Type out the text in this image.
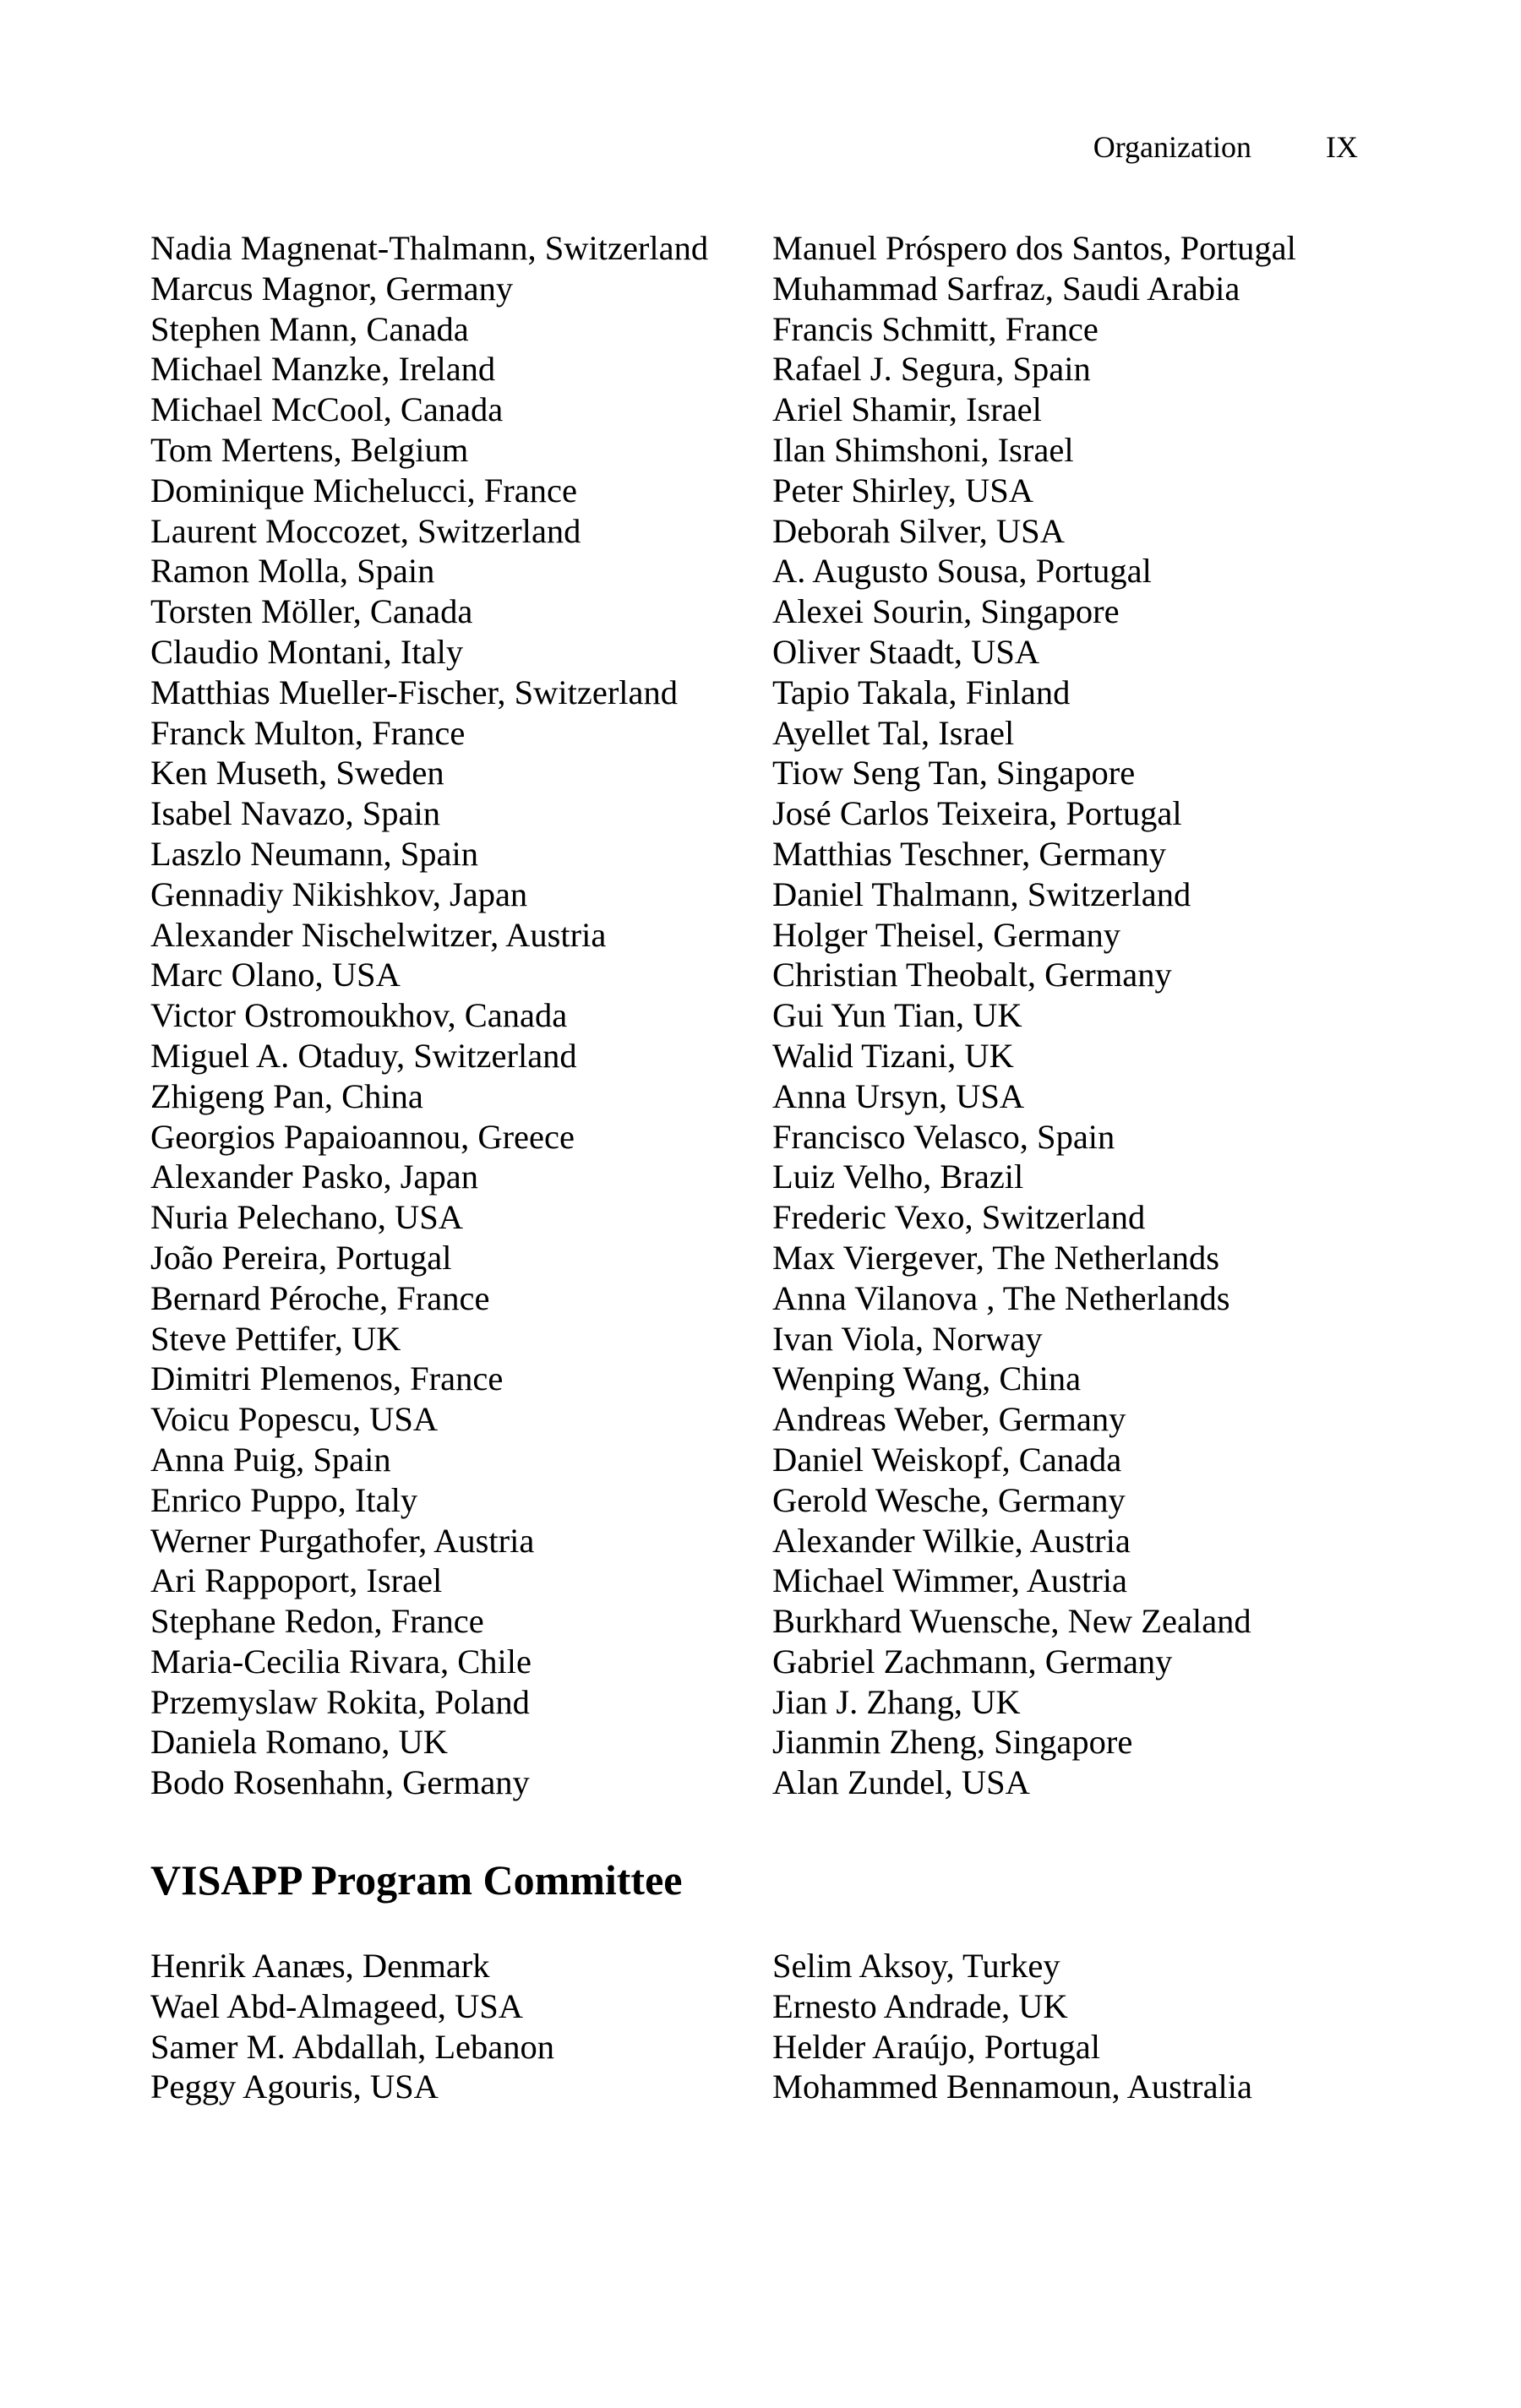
Organization IX
Nadia Magnenat-Thalmann, Switzerland
Marcus Magnor, Germany
Stephen Mann, Canada
Michael Manzke, Ireland
Michael McCool, Canada
Tom Mertens, Belgium
Dominique Michelucci, France
Laurent Moccozet, Switzerland
Ramon Molla, Spain
Torsten Möller, Canada
Claudio Montani, Italy
Matthias Mueller-Fischer, Switzerland
Franck Multon, France
Ken Museth, Sweden
Isabel Navazo, Spain
Laszlo Neumann, Spain
Gennadiy Nikishkov, Japan
Alexander Nischelwitzer, Austria
Marc Olano, USA
Victor Ostromoukhov, Canada
Miguel A. Otaduy, Switzerland
Zhigeng Pan, China
Georgios Papaioannou, Greece
Alexander Pasko, Japan
Nuria Pelechano, USA
João Pereira, Portugal
Bernard Péroche, France
Steve Pettifer, UK
Dimitri Plemenos, France
Voicu Popescu, USA
Anna Puig, Spain
Enrico Puppo, Italy
Werner Purgathofer, Austria
Ari Rappoport, Israel
Stephane Redon, France
Maria-Cecilia Rivara, Chile
Przemyslaw Rokita, Poland
Daniela Romano, UK
Bodo Rosenhahn, Germany
Manuel Próspero dos Santos, Portugal
Muhammad Sarfraz, Saudi Arabia
Francis Schmitt, France
Rafael J. Segura, Spain
Ariel Shamir, Israel
Ilan Shimshoni, Israel
Peter Shirley, USA
Deborah Silver, USA
A. Augusto Sousa, Portugal
Alexei Sourin, Singapore
Oliver Staadt, USA
Tapio Takala, Finland
Ayellet Tal, Israel
Tiow Seng Tan, Singapore
José Carlos Teixeira, Portugal
Matthias Teschner, Germany
Daniel Thalmann, Switzerland
Holger Theisel, Germany
Christian Theobalt, Germany
Gui Yun Tian, UK
Walid Tizani, UK
Anna Ursyn, USA
Francisco Velasco, Spain
Luiz Velho, Brazil
Frederic Vexo, Switzerland
Max Viergever, The Netherlands
Anna Vilanova , The Netherlands
Ivan Viola, Norway
Wenping Wang, China
Andreas Weber, Germany
Daniel Weiskopf, Canada
Gerold Wesche, Germany
Alexander Wilkie, Austria
Michael Wimmer, Austria
Burkhard Wuensche, New Zealand
Gabriel Zachmann, Germany
Jian J. Zhang, UK
Jianmin Zheng, Singapore
Alan Zundel, USA
VISAPP Program Committee
Henrik Aanæs, Denmark
Wael Abd-Almageed, USA
Samer M. Abdallah, Lebanon
Peggy Agouris, USA
Selim Aksoy, Turkey
Ernesto Andrade, UK
Helder Araújo, Portugal
Mohammed Bennamoun, Australia
